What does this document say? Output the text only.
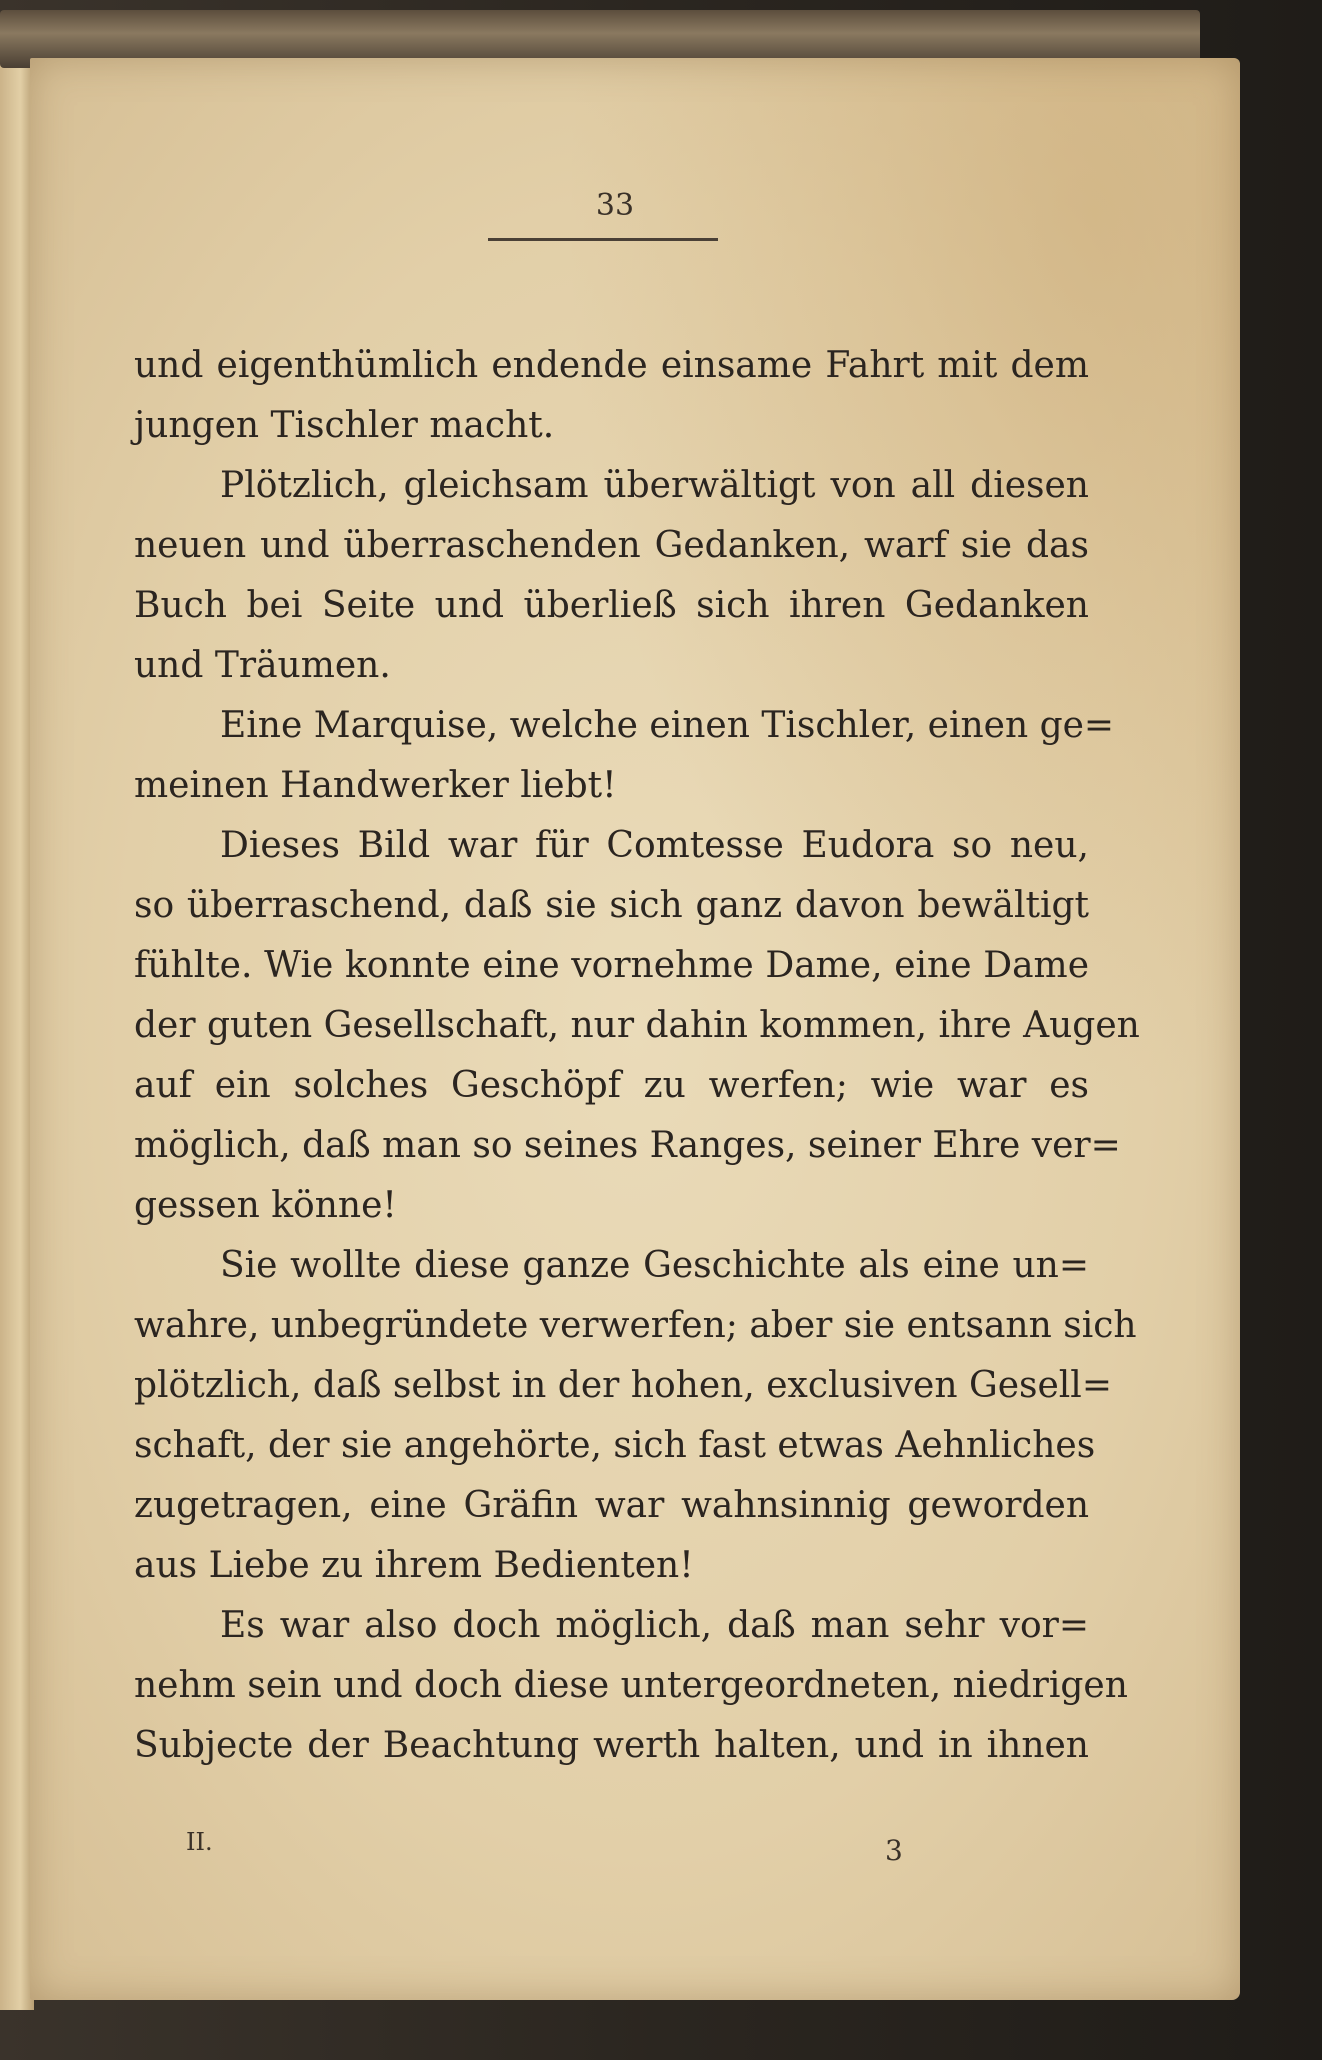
33
und eigenthümlich endende einsame Fahrt mit dem
jungen Tischler macht.
Plötzlich, gleichsam überwältigt von all diesen
neuen und überraschenden Gedanken, warf sie das
Buch bei Seite und überließ sich ihren Gedanken
und Träumen.
Eine Marquise, welche einen Tischler, einen ge=
meinen Handwerker liebt!
Dieses Bild war für Comtesse Eudora so neu,
so überraschend, daß sie sich ganz davon bewältigt
fühlte. Wie konnte eine vornehme Dame, eine Dame
der guten Gesellschaft, nur dahin kommen, ihre Augen
auf ein solches Geschöpf zu werfen; wie war es
möglich, daß man so seines Ranges, seiner Ehre ver=
gessen könne!
Sie wollte diese ganze Geschichte als eine un=
wahre, unbegründete verwerfen; aber sie entsann sich
plötzlich, daß selbst in der hohen, exclusiven Gesell=
schaft, der sie angehörte, sich fast etwas Aehnliches
zugetragen, eine Gräfin war wahnsinnig geworden
aus Liebe zu ihrem Bedienten!
Es war also doch möglich, daß man sehr vor=
nehm sein und doch diese untergeordneten, niedrigen
Subjecte der Beachtung werth halten, und in ihnen
II.	3
